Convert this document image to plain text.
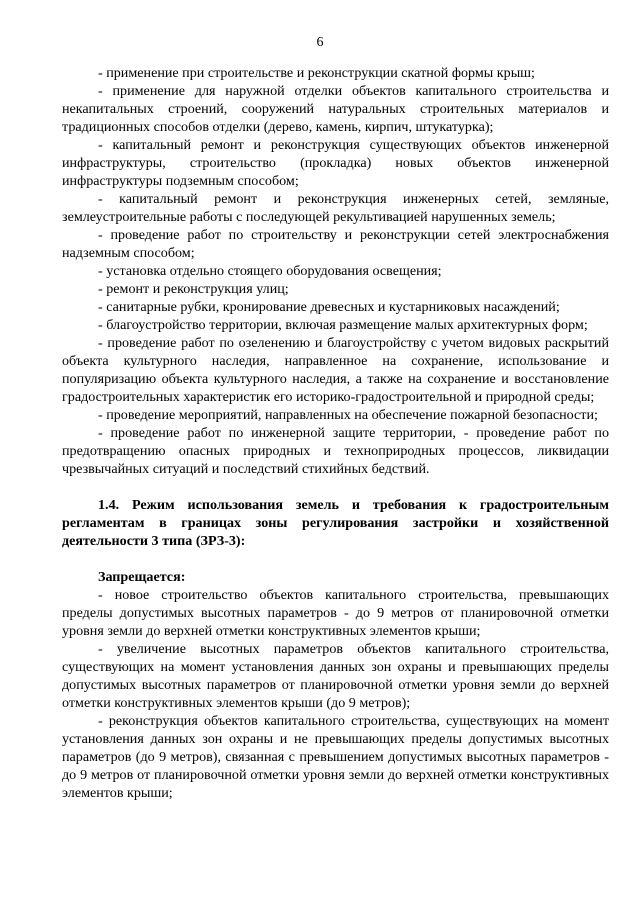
6

- применение при строительстве и реконструкции скатной формы крыш;

- применение для наружной отделки объектов капитального строительства и некапитальных строений, сооружений натуральных строительных материалов и традиционных способов отделки (дерево, камень, кирпич, штукатурка);

- капитальный ремонт и реконструкция существующих объектов инженерной инфраструктуры, строительство (прокладка) новых объектов инженерной инфраструктуры подземным способом;

- капитальный ремонт и реконструкция инженерных сетей, земляные, землеустроительные работы с последующей рекультивацией нарушенных земель;

- проведение работ по строительству и реконструкции сетей электроснабжения надземным способом;

- установка отдельно стоящего оборудования освещения;

- ремонт и реконструкция улиц;

- санитарные рубки, кронирование древесных и кустарниковых насаждений;

- благоустройство территории, включая размещение малых архитектурных форм;

- проведение работ по озеленению и благоустройству с учетом видовых раскрытий объекта культурного наследия, направленное на сохранение, использование и популяризацию объекта культурного наследия, а также на сохранение и восстановление градостроительных характеристик его историко-градостроительной и природной среды;

- проведение мероприятий, направленных на обеспечение пожарной безопасности;

- проведение работ по инженерной защите территории, - проведение работ по предотвращению опасных природных и техноприродных процессов, ликвидации чрезвычайных ситуаций и последствий стихийных бедствий.

1.4. Режим использования земель и требования к градостроительным регламентам в границах зоны регулирования застройки и хозяйственной деятельности 3 типа (ЗРЗ-3):

Запрещается:

- новое строительство объектов капитального строительства, превышающих пределы допустимых высотных параметров - до 9 метров от планировочной отметки уровня земли до верхней отметки конструктивных элементов крыши;

- увеличение высотных параметров объектов капитального строительства, существующих на момент установления данных зон охраны и превышающих пределы допустимых высотных параметров от планировочной отметки уровня земли до верхней отметки конструктивных элементов крыши (до 9 метров);

- реконструкция объектов капитального строительства, существующих на момент установления данных зон охраны и не превышающих пределы допустимых высотных параметров (до 9 метров), связанная с превышением допустимых высотных параметров - до 9 метров от планировочной отметки уровня земли до верхней отметки конструктивных элементов крыши;
